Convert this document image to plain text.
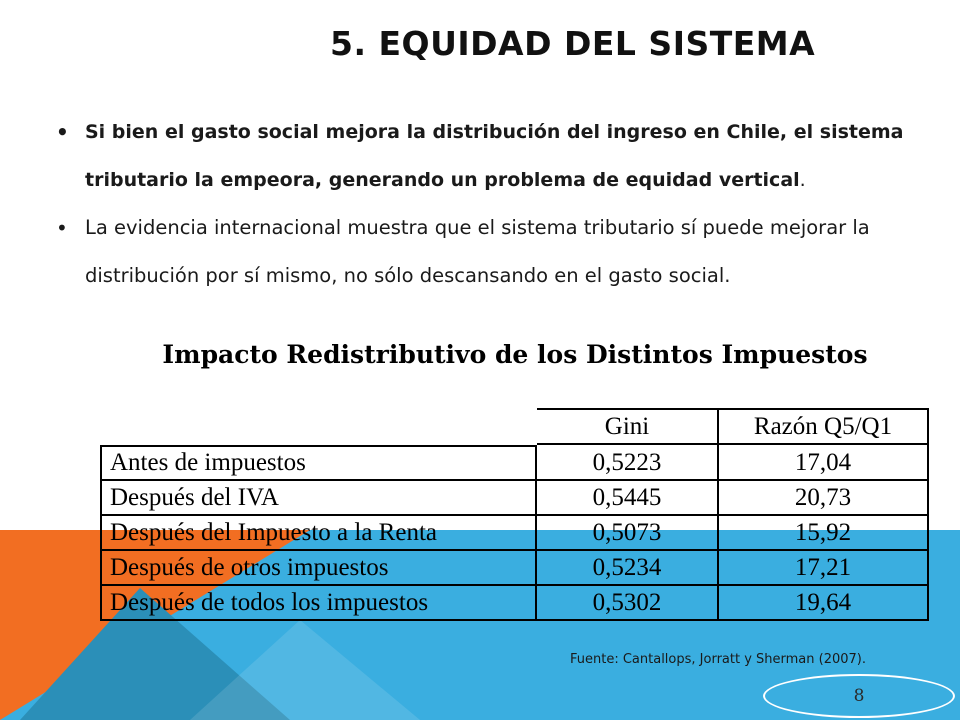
5. EQUIDAD DEL SISTEMA
• Si bien el gasto social mejora la distribución del ingreso en Chile, el sistema tributario la empeora, generando un problema de equidad vertical.
• La evidencia internacional muestra que el sistema tributario sí puede mejorar la distribución por sí mismo, no sólo descansando en el gasto social.
Impacto Redistributivo de los Distintos Impuestos
	Gini	Razón Q5/Q1
Antes de impuestos	0,5223	17,04
Después del IVA	0,5445	20,73
Después del Impuesto a la Renta	0,5073	15,92
Después de otros impuestos	0,5234	17,21
Después de todos los impuestos	0,5302	19,64
Fuente: Cantallops, Jorratt y Sherman (2007).
8
